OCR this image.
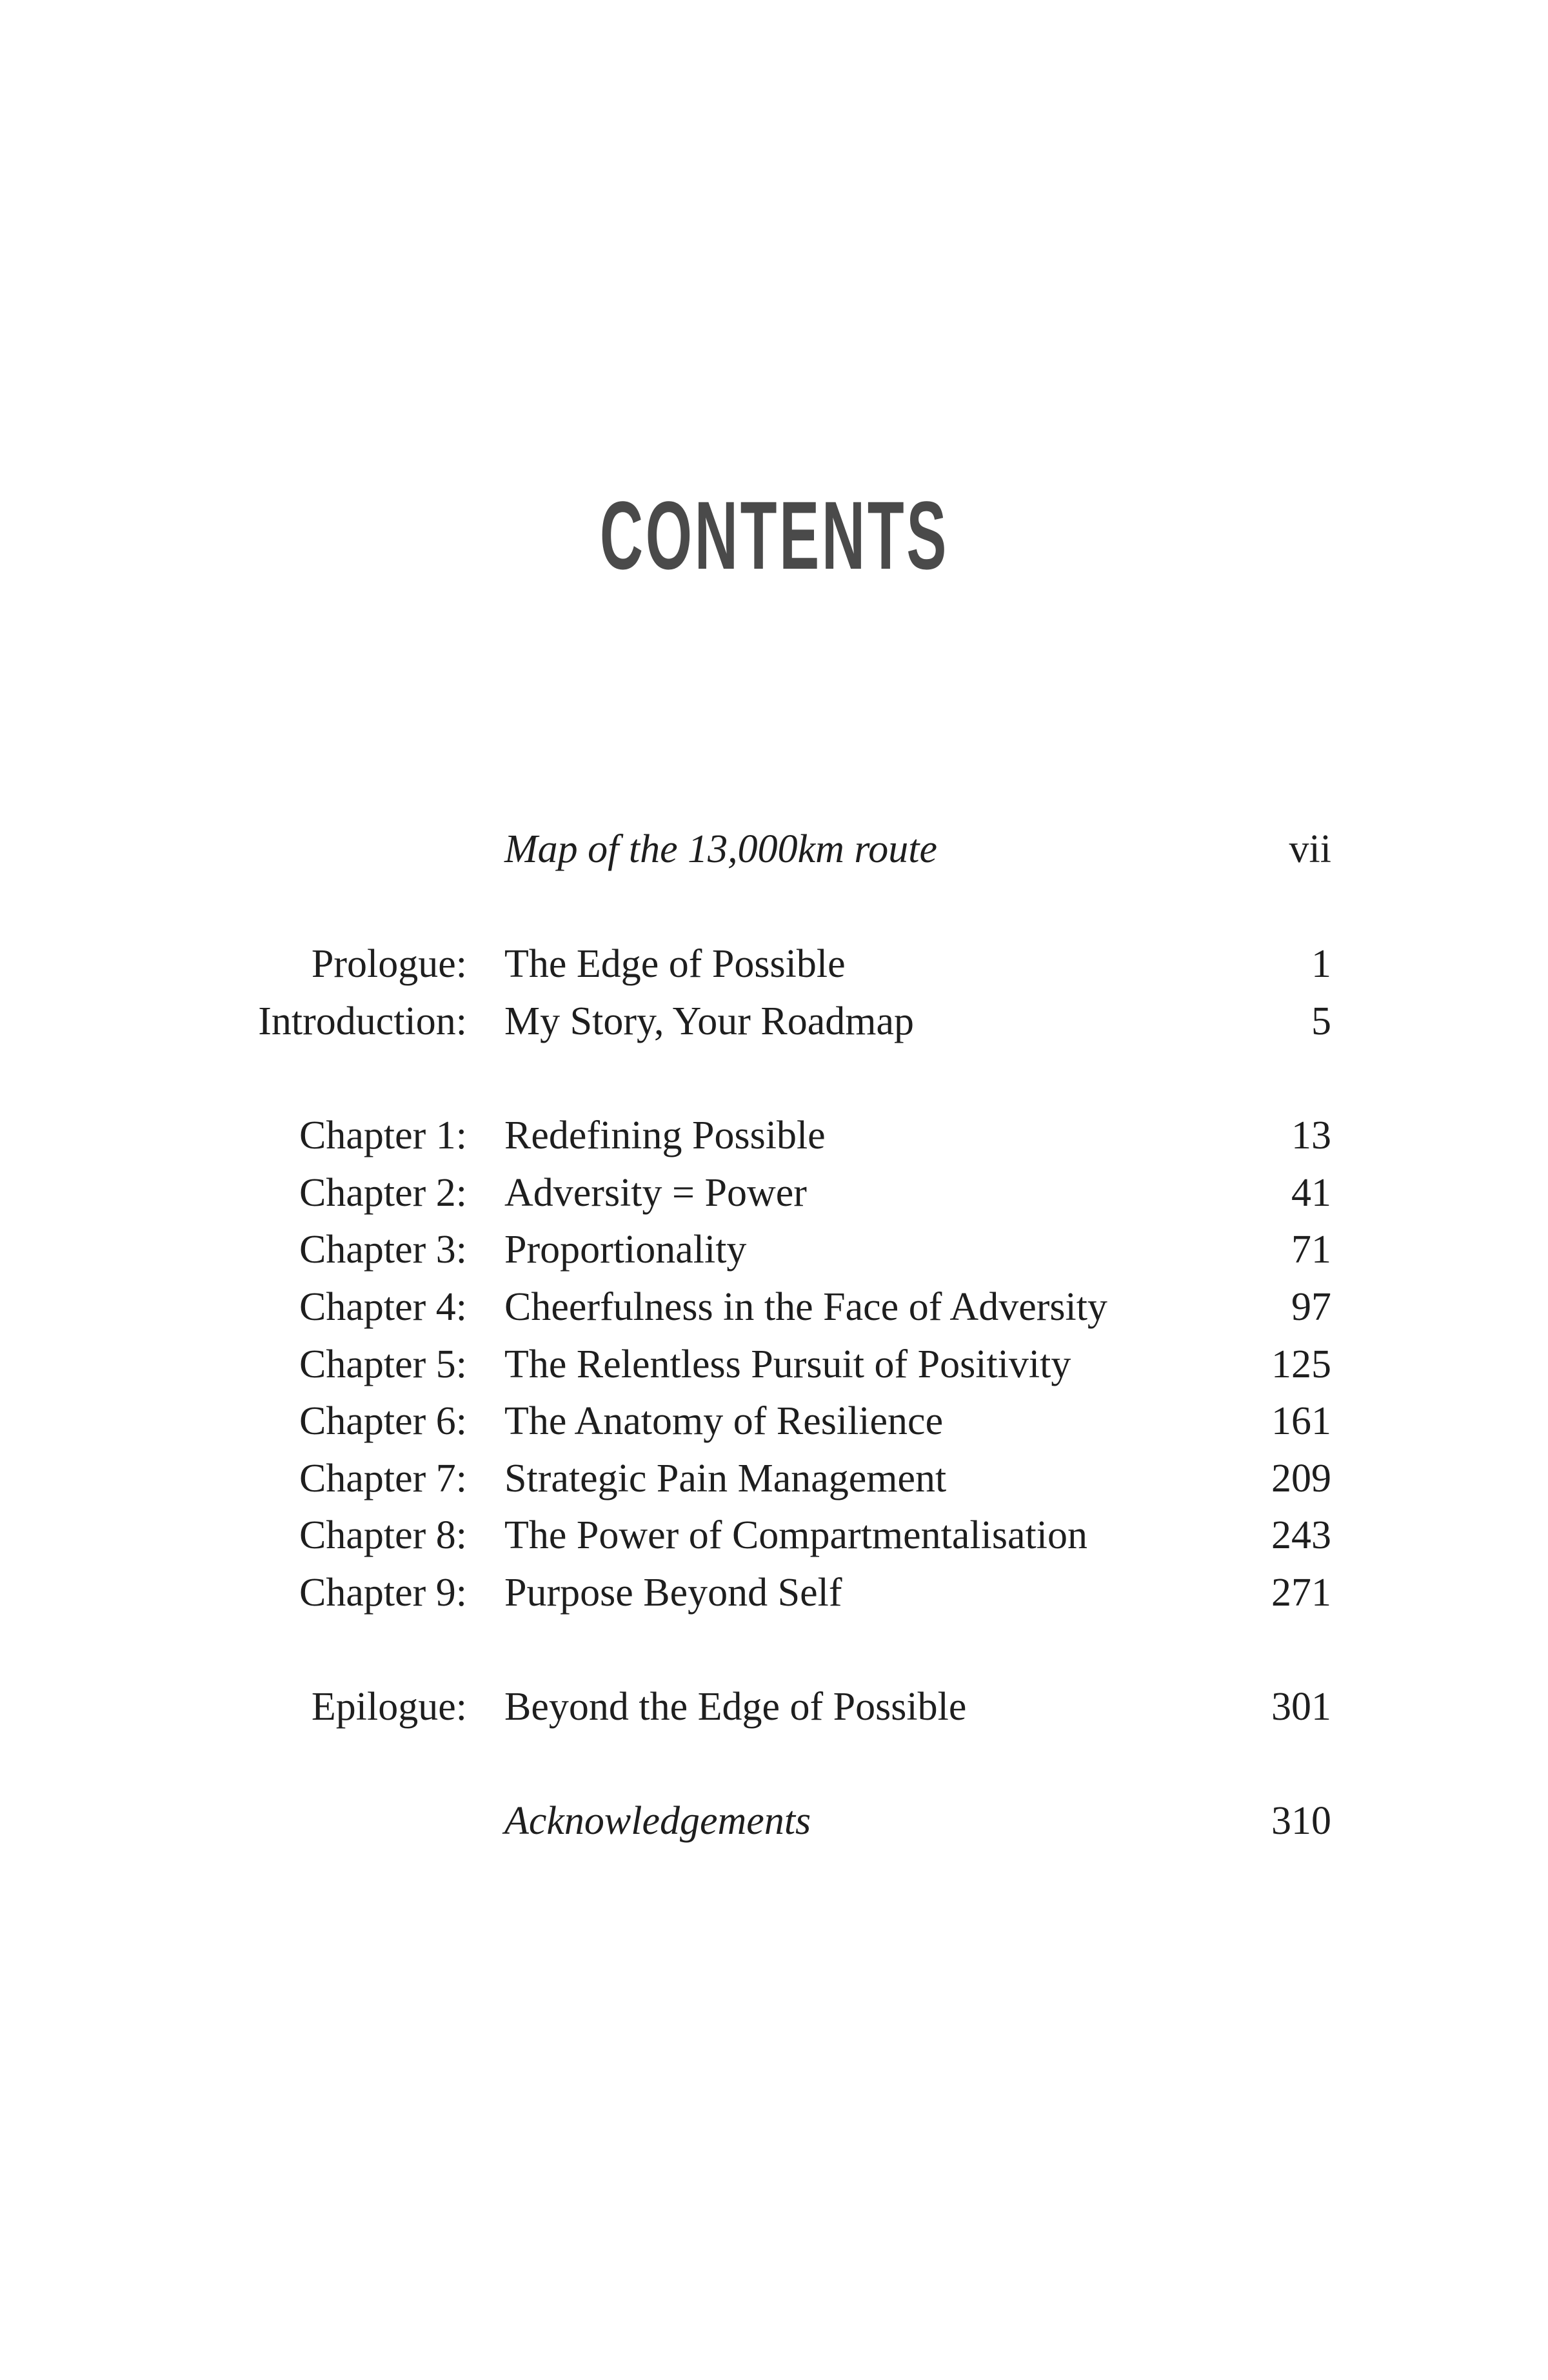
CONTENTS
Map of the 13,000km route	vii
Prologue: The Edge of Possible	1
Introduction: My Story, Your Roadmap	5
Chapter 1: Redefining Possible	13
Chapter 2: Adversity = Power	41
Chapter 3: Proportionality	71
Chapter 4: Cheerfulness in the Face of Adversity	97
Chapter 5: The Relentless Pursuit of Positivity	125
Chapter 6: The Anatomy of Resilience	161
Chapter 7: Strategic Pain Management	209
Chapter 8: The Power of Compartmentalisation	243
Chapter 9: Purpose Beyond Self	271
Epilogue: Beyond the Edge of Possible	301
Acknowledgements	310
